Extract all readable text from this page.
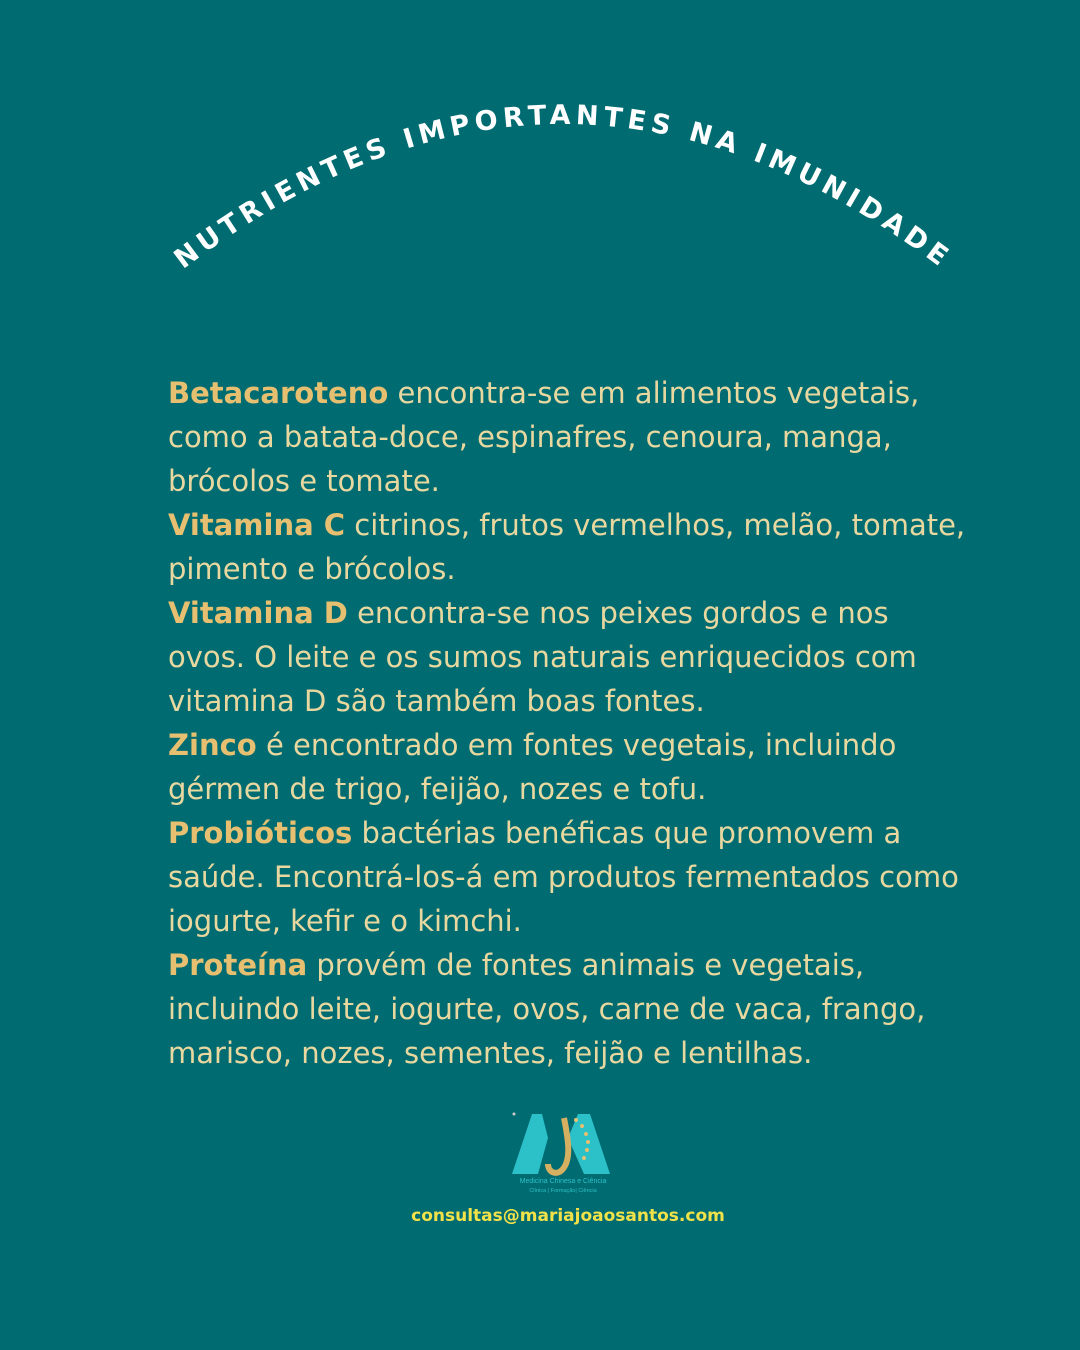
NUTRIENTES IMPORTANTES NA IMUNIDADE

Betacaroteno encontra-se em alimentos vegetais, como a batata-doce, espinafres, cenoura, manga, brócolos e tomate.

Vitamina C citrinos, frutos vermelhos, melão, tomate, pimento e brócolos.

Vitamina D encontra-se nos peixes gordos e nos ovos. O leite e os sumos naturais enriquecidos com vitamina D são também boas fontes.

Zinco é encontrado em fontes vegetais, incluindo gérmen de trigo, feijão, nozes e tofu.

Probióticos bactérias benéficas que promovem a saúde. Encontrá-los-á em produtos fermentados como iogurte, kefir e o kimchi.

Proteína provém de fontes animais e vegetais, incluindo leite, iogurte, ovos, carne de vaca, frango, marisco, nozes, sementes, feijão e lentilhas.

Medicina Chinesa e Ciência
Clínica | Formação| Ciência
consultas@mariajoaosantos.com
